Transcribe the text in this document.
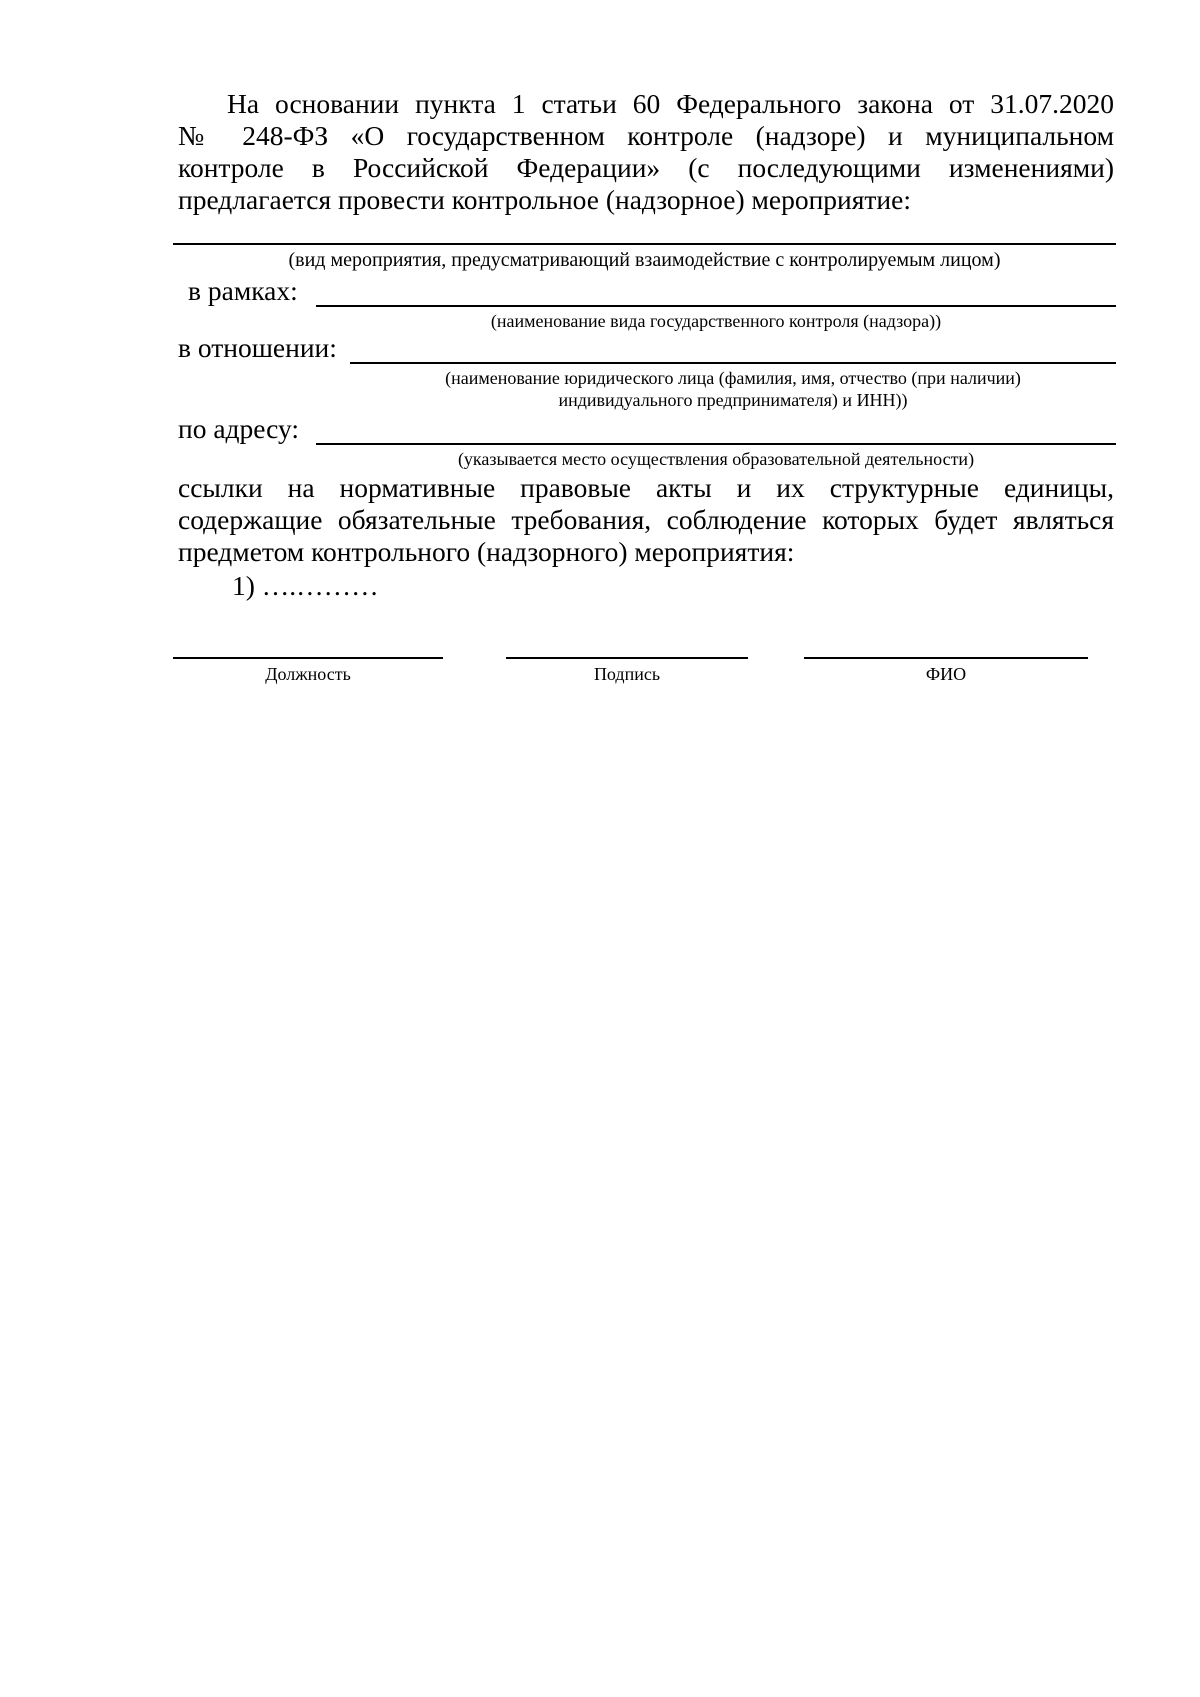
На основании пункта 1 статьи 60 Федерального закона от 31.07.2020
№ 248-ФЗ «О государственном контроле (надзоре) и муниципальном
контроле в Российской Федерации» (с последующими изменениями)
предлагается провести контрольное (надзорное) мероприятие:
(вид мероприятия, предусматривающий взаимодействие с контролируемым лицом)
в рамках:
(наименование вида государственного контроля (надзора))
в отношении:
(наименование юридического лица (фамилия, имя, отчество (при наличии)
индивидуального предпринимателя) и ИНН))
по адресу:
(указывается место осуществления образовательной деятельности)
ссылки на нормативные правовые акты и их структурные единицы,
содержащие обязательные требования, соблюдение которых будет являться
предметом контрольного (надзорного) мероприятия:
1) ….………
Должность	Подпись	ФИО
